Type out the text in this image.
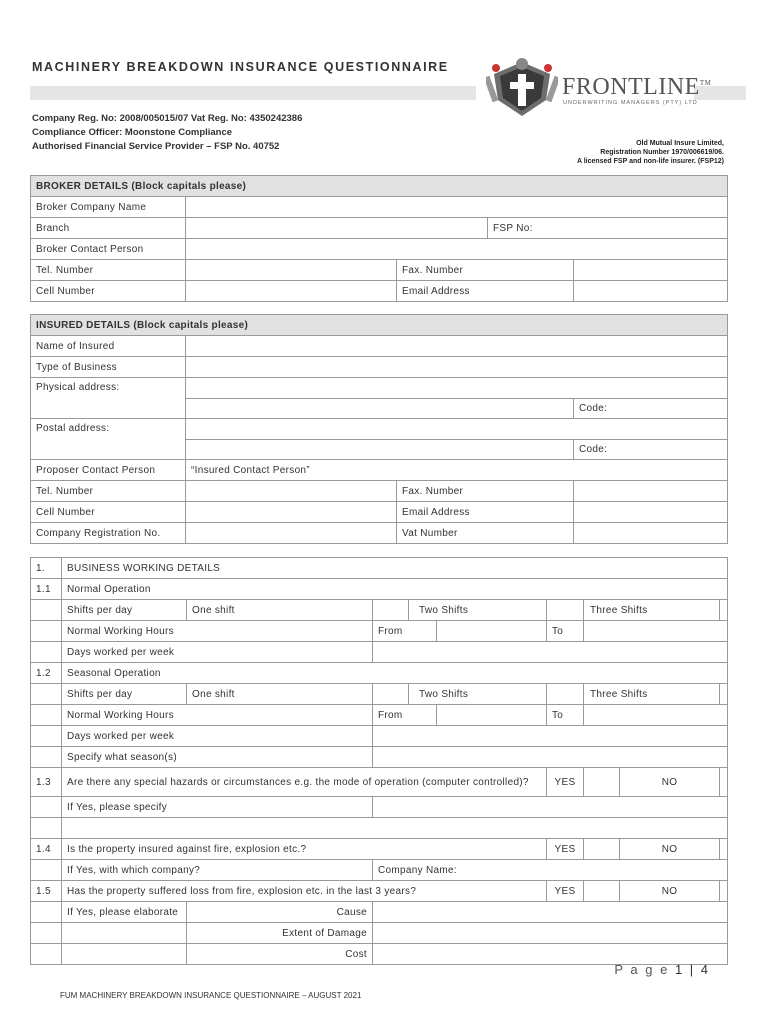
MACHINERY BREAKDOWN INSURANCE QUESTIONNAIRE
Company Reg. No: 2008/005015/07 Vat Reg. No: 4350242386
Compliance Officer: Moonstone Compliance
Authorised Financial Service Provider – FSP No. 40752
FRONTLINE™
UNDERWRITING MANAGERS (PTY) LTD
Old Mutual Insure Limited,
Registration Number 1970/006619/06.
A licensed FSP and non-life insurer. (FSP12)
BROKER DETAILS (Block capitals please)				
Broker Company Name				
Branch			FSP No:	
Broker Contact Person				
Tel. Number		Fax. Number		
Cell Number		Email Address		
INSURED DETAILS (Block capitals please)			
Name of Insured			
Type of Business			
Physical address:			
			Code:
Postal address:			
			Code:
Proposer Contact Person	“Insured Contact Person”		
Tel. Number		Fax. Number	
Cell Number		Email Address	
Company Registration No.		Vat Number	
1.	BUSINESS WORKING DETAILS								
1.1	Normal Operation								
	Shifts per day	One shift		Two Shifts			Three Shifts		
	Normal Working Hours		From			To			
	Days worked per week								
1.2	Seasonal Operation								
	Shifts per day	One shift		Two Shifts			Three Shifts		
	Normal Working Hours		From			To			
	Days worked per week								
	Specify what season(s)								
1.3	Are there any special hazards or circumstances e.g. the mode of operation (computer controlled)?					YES		NO	
	If Yes, please specify								

1.4	Is the property insured against fire, explosion etc.?					YES		NO	
	If Yes, with which company?		Company Name:						
1.5	Has the property suffered loss from fire, explosion etc. in the last 3 years?					YES		NO	
	If Yes, please elaborate	Cause							
		Extent of Damage							
		Cost							
P a g e 1 | 4
FUM MACHINERY BREAKDOWN INSURANCE QUESTIONNAIRE – AUGUST 2021
